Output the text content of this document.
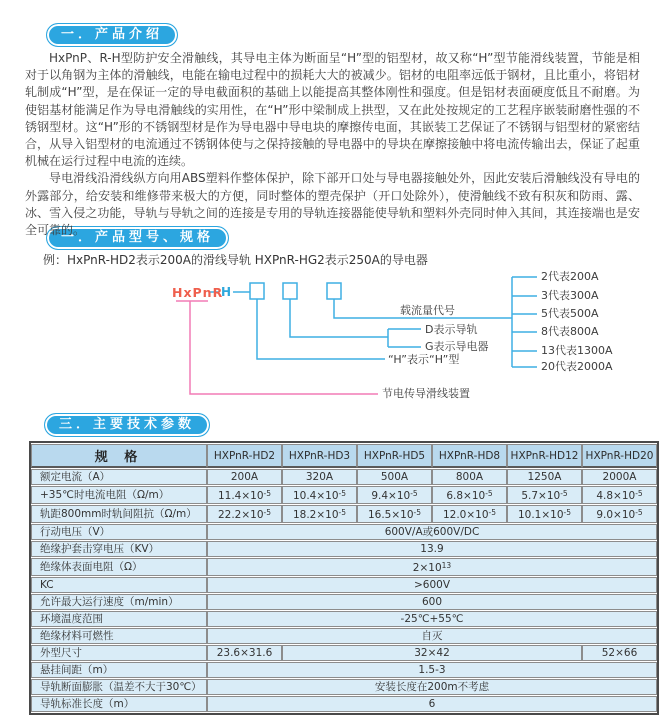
一．产品介绍
一．产品型号、规格
三．主要技术参数

HxPnP、R-H型防护安全滑触线，其导电主体为断面呈“H”型的铝型材，故又称“H”型节能滑线装置，节能是相对于以角钢为主体的滑触线，电能在输电过程中的损耗大大的被减少。铝材的电阻率远低于钢材，且比重小，将铝材轧制成“H”型，是在保证一定的导电截面积的基础上以能提高其整体刚性和强度。但是铝材表面硬度低且不耐磨。为使铝基材能满足作为导电滑触线的实用性，在“H”形中梁制成上拱型，又在此处按规定的工艺程序嵌装耐磨性强的不锈钢型材。这“H”形的不锈钢型材是作为导电器中导电块的摩擦传电面，其嵌装工艺保证了不锈钢与铝型材的紧密结合，从导入铝型材的电流通过不锈钢体使与之保持接触的导电器中的导块在摩擦接触中将电流传输出去，保证了起重机械在运行过程中电流的连续。

导电滑线沿滑线纵方向用ABS塑料作整体保护，除下部开口处与导电器接触处外，因此安装后滑触线没有导电的外露部分，给安装和维修带来极大的方便，同时整体的塑壳保护（开口处除外），使滑触线不致有积灰和防雨、露、冰、雪入侵之功能，导轨与导轨之间的连接是专用的导轨连接器能使导轨和塑料外壳同时伸入其间，其连接端也是安全可靠的。

例：HxPnR-HD2表示200A的滑线导轨 HXPnR-HG2表示250A的导电器
HxPnR
H
载流量代号
D表示导轨
G表示导电器
“H”表示“H”型
节电传导滑线装置
2代表200A
3代表300A
5代表500A
8代表800A
13代表1300A
20代表2000A
规 格	HXPnR-HD2	HXPnR-HD3	HXPnR-HD5	HXPnR-HD8	HXPnR-HD12	HXPnR-HD20
额定电流（A）	200A	320A	500A	800A	1250A	2000A
+35℃时电流电阻（Ω/m）	$11.4\times 10^{-5}$	$10.4\times 10^{-5}$	$9.4\times 10^{-5}$	$6.8\times 10^{-5}$	$5.7\times 10^{-5}$	$4.8\times 10^{-5}$
轨距800mm时轨间阻抗（Ω/m）	$22.2\times 10^{-5}$	$18.2\times 10^{-5}$	$16.5\times 10^{-5}$	$12.0\times 10^{-5}$	$10.1\times 10^{-5}$	$9.0\times 10^{-5}$
行动电压（V）	600V/A或600V/DC					
绝缘护套击穿电压（KV）	13.9					
绝缘体表面电阻（Ω）	$2\times 10^{13}$
KC	>600V					
允许最大运行速度（m/min）	600					
环境温度范围	-25℃+55℃					
绝缘材料可燃性	自灭					
外型尺寸	23.6×31.6	32×42				52×66
悬挂间距（m）	1.5-3					
导轨断面膨胀（温差不大于30℃）	安装长度在200m不考虑					
导轨标准长度（m）	6					
